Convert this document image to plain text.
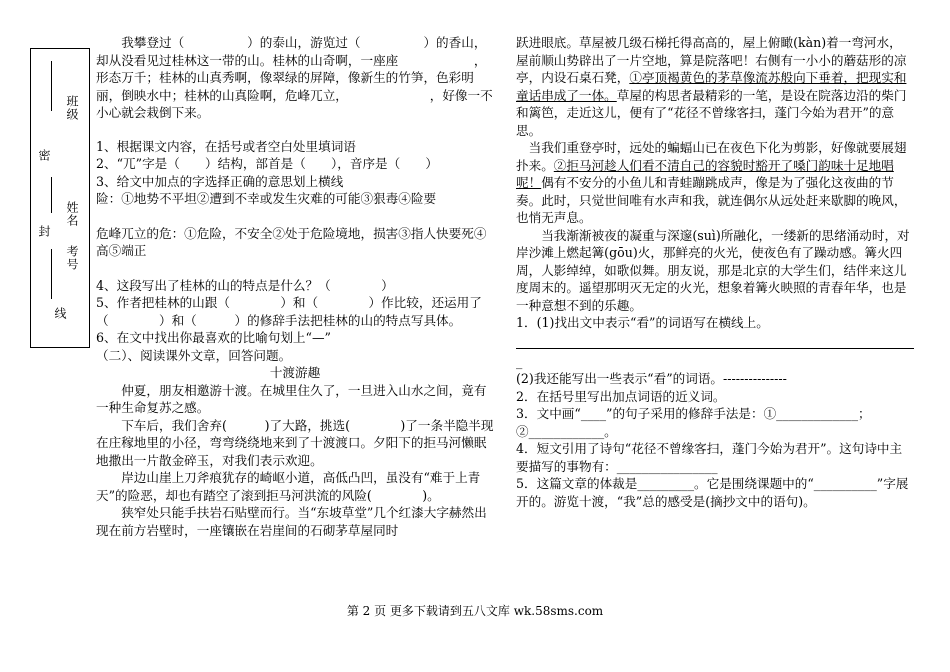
班级
密
姓名
封
考号
线

我攀登过（　　　　　）的泰山，游览过（　　　　　）的香山，却从没看见过桂林这一带的山。桂林的山奇啊，一座座　　　　　　，形态万千；桂林的山真秀啊，像翠绿的屏障，像新生的竹笋，色彩明丽，倒映水中；桂林的山真险啊，危峰兀立，　　　　　　　，好像一不小心就会栽倒下来。

1、根据课文内容，在括号或者空白处里填词语

2、“兀”字是（　　）结构，部首是（　　），音序是（　　）

3、给文中加点的字选择正确的意思划上横线

险：①地势不平坦②遭到不幸或发生灾难的可能③狠毒④险要

危峰兀立的危：①危险，不安全②处于危险境地，损害③指人快要死④高⑤端正

4、这段写出了桂林的山的特点是什么？（　　　　）

5、作者把桂林的山跟（　　　　）和（　　　　）作比较，还运用了（　　　　）和（　　　）的修辞手法把桂林的山的特点写具体。

6、在文中找出你最喜欢的比喻句划上“—”

（二）、阅读课外文章，回答问题。

十渡游趣

仲夏，朋友相邀游十渡。在城里住久了，一旦进入山水之间，竟有一种生命复苏之感。

下车后，我们舍弃(　　　)了大路，挑选(　　　　)了一条半隐半现在庄稼地里的小径，弯弯绕绕地来到了十渡渡口。夕阳下的拒马河懒眠地撒出一片散金碎玉，对我们表示欢迎。

岸边山崖上刀斧痕犹存的崎岖小道，高低凸凹，虽没有“难于上青天”的险恶，却也有踏空了滚到拒马河洪流的风险(　　　　)。

狭窄处只能手扶岩石贴壁而行。当“东坡草堂”几个红漆大字赫然出现在前方岩壁时，一座镶嵌在岩崖间的石砌茅草屋同时

跃进眼底。草屋被几级石梯托得高高的，屋上俯瞰(kàn)着一弯河水，屋前顺山势辟出了一片空地，算是院落吧！右侧有一小小的蘑菇形的凉亭，内设石桌石凳，①亭顶褐黄色的茅草像流苏般向下垂着，把现实和童话串成了一体。草屋的构思者最精彩的一笔，是设在院落边沿的柴门和篱笆，走近这儿，便有了“花径不曾缘客扫，蓬门今始为君开”的意思。

当我们重登亭时，远处的蝙蝠山已在夜色下化为剪影，好像就要展翅扑来。②拒马河趁人们看不清自己的容貌时豁开了嗓门韵味十足地唱呢！偶有不安分的小鱼儿和青蛙蹦跳成声，像是为了强化这夜曲的节奏。此时，只觉世间唯有水声和我，就连偶尔从远处赶来歇脚的晚风，也悄无声息。

当我渐渐被夜的凝重与深邃(suì)所融化，一缕新的思绪涌动时，对岸沙滩上燃起篝(gōu)火，那鲜亮的火光，使夜色有了躁动感。篝火四周，人影绰绰，如歌似舞。朋友说，那是北京的大学生们，结伴来这儿度周末的。遥望那明灭无定的火光，想象着篝火映照的青春年华，也是一种意想不到的乐趣。

1．(1)找出文中表示“看”的词语写在横线上。

_

(2)我还能写出一些表示“看”的词语。---------------

2．在括号里写出加点词语的近义词。

3．文中画“____”的句子采用的修辞手法是：①_____________；②____________。

4．短文引用了诗句“花径不曾缘客扫，蓬门今始为君开”。这句诗中主要描写的事物有：________________

5．这篇文章的体裁是_________。它是围绕课题中的“__________”字展开的。游览十渡，“我”总的感受是(摘抄文中的语句)。

第 2 页 更多下载请到五八文库 wk.58sms.com
